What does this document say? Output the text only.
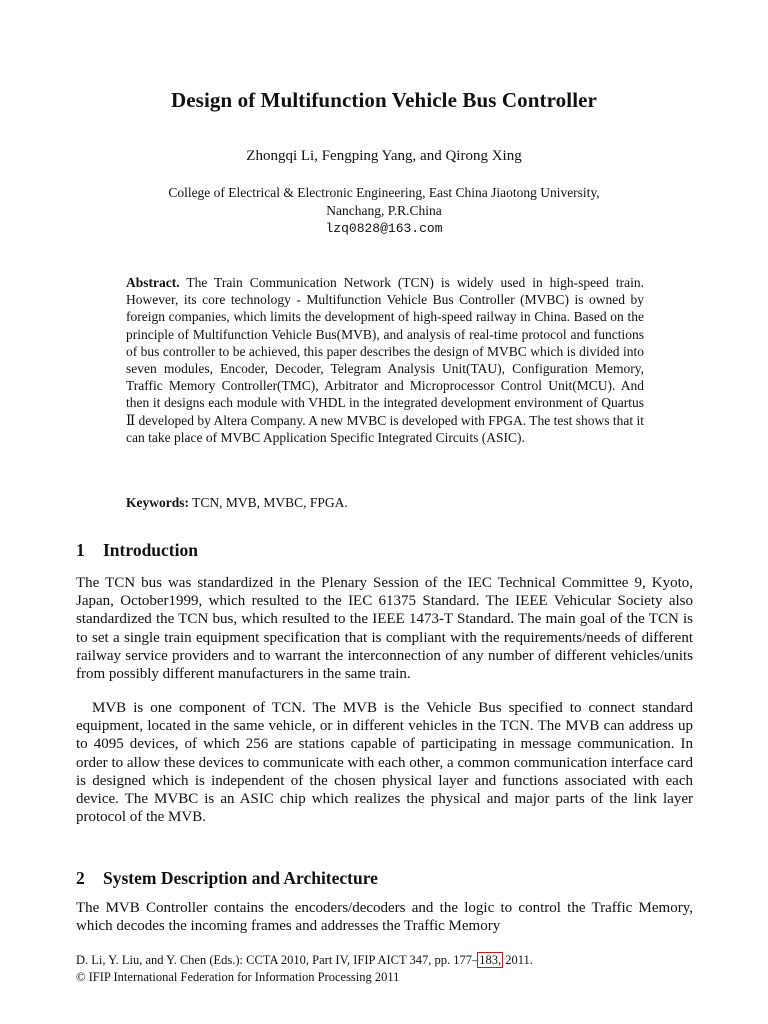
Design of Multifunction Vehicle Bus Controller
Zhongqi Li, Fengping Yang, and Qirong Xing
College of Electrical & Electronic Engineering, East China Jiaotong University,
Nanchang, P.R.China
lzq0828@163.com
Abstract. The Train Communication Network (TCN) is widely used in high-speed train. However, its core technology - Multifunction Vehicle Bus Controller (MVBC) is owned by foreign companies, which limits the development of high-speed railway in China. Based on the principle of Multifunction Vehicle Bus(MVB), and analysis of real-time protocol and functions of bus controller to be achieved, this paper describes the design of MVBC which is divided into seven modules, Encoder, Decoder, Telegram Analysis Unit(TAU), Configuration Memory, Traffic Memory Controller(TMC), Arbitrator and Microprocessor Control Unit(MCU). And then it designs each module with VHDL in the integrated development environment of Quartus Ⅱ developed by Altera Company. A new MVBC is developed with FPGA. The test shows that it can take place of MVBC Application Specific Integrated Circuits (ASIC).
Keywords: TCN, MVB, MVBC, FPGA.
1 Introduction
The TCN bus was standardized in the Plenary Session of the IEC Technical Committee 9, Kyoto, Japan, October1999, which resulted to the IEC 61375 Standard. The IEEE Vehicular Society also standardized the TCN bus, which resulted to the IEEE 1473-T Standard. The main goal of the TCN is to set a single train equipment specification that is compliant with the requirements/needs of different railway service providers and to warrant the interconnection of any number of different vehicles/units from possibly different manufacturers in the same train.
MVB is one component of TCN. The MVB is the Vehicle Bus specified to connect standard equipment, located in the same vehicle, or in different vehicles in the TCN. The MVB can address up to 4095 devices, of which 256 are stations capable of participating in message communication. In order to allow these devices to communicate with each other, a common communication interface card is designed which is independent of the chosen physical layer and functions associated with each device. The MVBC is an ASIC chip which realizes the physical and major parts of the link layer protocol of the MVB.
2 System Description and Architecture
The MVB Controller contains the encoders/decoders and the logic to control the Traffic Memory, which decodes the incoming frames and addresses the Traffic Memory
D. Li, Y. Liu, and Y. Chen (Eds.): CCTA 2010, Part IV, IFIP AICT 347, pp. 177–183, 2011.
© IFIP International Federation for Information Processing 2011
